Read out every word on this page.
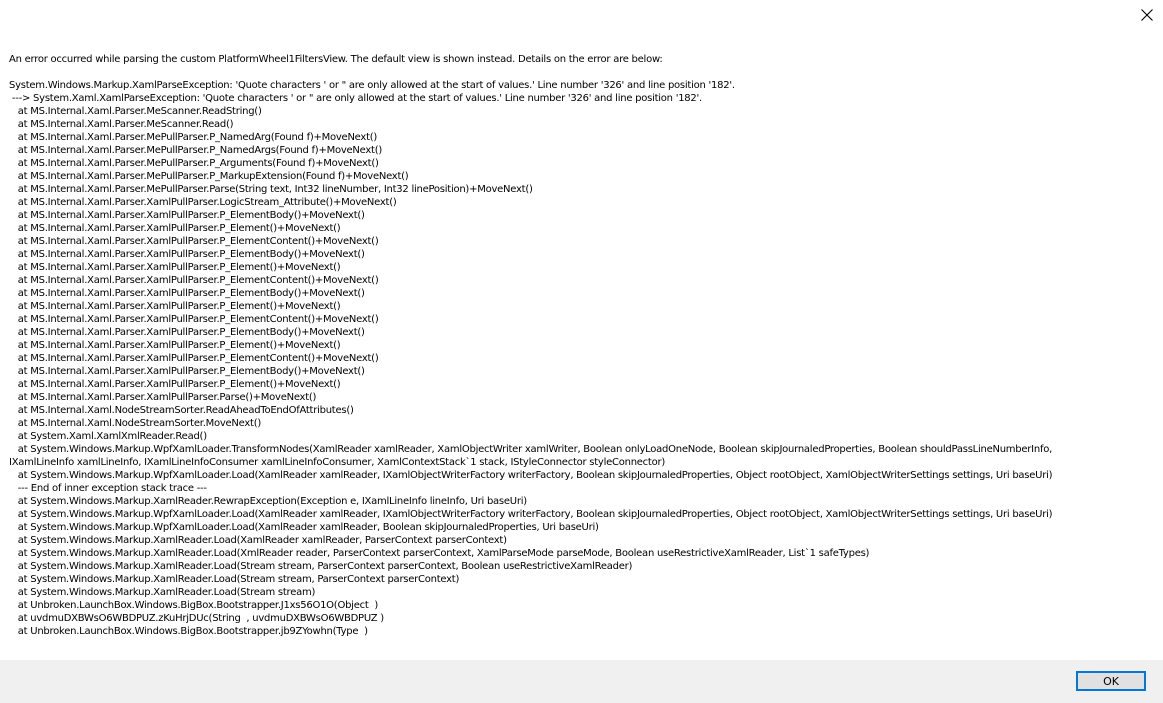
An error occurred while parsing the custom PlatformWheel1FiltersView. The default view is shown instead. Details on the error are below:
System.Windows.Markup.XamlParseException: 'Quote characters ' or " are only allowed at the start of values.' Line number '326' and line position '182'.
---> System.Xaml.XamlParseException: 'Quote characters ' or " are only allowed at the start of values.' Line number '326' and line position '182'.
at MS.Internal.Xaml.Parser.MeScanner.ReadString()
at MS.Internal.Xaml.Parser.MeScanner.Read()
at MS.Internal.Xaml.Parser.MePullParser.P_NamedArg(Found f)+MoveNext()
at MS.Internal.Xaml.Parser.MePullParser.P_NamedArgs(Found f)+MoveNext()
at MS.Internal.Xaml.Parser.MePullParser.P_Arguments(Found f)+MoveNext()
at MS.Internal.Xaml.Parser.MePullParser.P_MarkupExtension(Found f)+MoveNext()
at MS.Internal.Xaml.Parser.MePullParser.Parse(String text, Int32 lineNumber, Int32 linePosition)+MoveNext()
at MS.Internal.Xaml.Parser.XamlPullParser.LogicStream_Attribute()+MoveNext()
at MS.Internal.Xaml.Parser.XamlPullParser.P_ElementBody()+MoveNext()
at MS.Internal.Xaml.Parser.XamlPullParser.P_Element()+MoveNext()
at MS.Internal.Xaml.Parser.XamlPullParser.P_ElementContent()+MoveNext()
at MS.Internal.Xaml.Parser.XamlPullParser.P_ElementBody()+MoveNext()
at MS.Internal.Xaml.Parser.XamlPullParser.P_Element()+MoveNext()
at MS.Internal.Xaml.Parser.XamlPullParser.P_ElementContent()+MoveNext()
at MS.Internal.Xaml.Parser.XamlPullParser.P_ElementBody()+MoveNext()
at MS.Internal.Xaml.Parser.XamlPullParser.P_Element()+MoveNext()
at MS.Internal.Xaml.Parser.XamlPullParser.P_ElementContent()+MoveNext()
at MS.Internal.Xaml.Parser.XamlPullParser.P_ElementBody()+MoveNext()
at MS.Internal.Xaml.Parser.XamlPullParser.P_Element()+MoveNext()
at MS.Internal.Xaml.Parser.XamlPullParser.P_ElementContent()+MoveNext()
at MS.Internal.Xaml.Parser.XamlPullParser.P_ElementBody()+MoveNext()
at MS.Internal.Xaml.Parser.XamlPullParser.P_Element()+MoveNext()
at MS.Internal.Xaml.Parser.XamlPullParser.Parse()+MoveNext()
at MS.Internal.Xaml.NodeStreamSorter.ReadAheadToEndOfAttributes()
at MS.Internal.Xaml.NodeStreamSorter.MoveNext()
at System.Xaml.XamlXmlReader.Read()
at System.Windows.Markup.WpfXamlLoader.TransformNodes(XamlReader xamlReader, XamlObjectWriter xamlWriter, Boolean onlyLoadOneNode, Boolean skipJournaledProperties, Boolean shouldPassLineNumberInfo,
IXamlLineInfo xamlLineInfo, IXamlLineInfoConsumer xamlLineInfoConsumer, XamlContextStack`1 stack, IStyleConnector styleConnector)
at System.Windows.Markup.WpfXamlLoader.Load(XamlReader xamlReader, IXamlObjectWriterFactory writerFactory, Boolean skipJournaledProperties, Object rootObject, XamlObjectWriterSettings settings, Uri baseUri)
--- End of inner exception stack trace ---
at System.Windows.Markup.XamlReader.RewrapException(Exception e, IXamlLineInfo lineInfo, Uri baseUri)
at System.Windows.Markup.WpfXamlLoader.Load(XamlReader xamlReader, IXamlObjectWriterFactory writerFactory, Boolean skipJournaledProperties, Object rootObject, XamlObjectWriterSettings settings, Uri baseUri)
at System.Windows.Markup.WpfXamlLoader.Load(XamlReader xamlReader, Boolean skipJournaledProperties, Uri baseUri)
at System.Windows.Markup.XamlReader.Load(XamlReader xamlReader, ParserContext parserContext)
at System.Windows.Markup.XamlReader.Load(XmlReader reader, ParserContext parserContext, XamlParseMode parseMode, Boolean useRestrictiveXamlReader, List`1 safeTypes)
at System.Windows.Markup.XamlReader.Load(Stream stream, ParserContext parserContext, Boolean useRestrictiveXamlReader)
at System.Windows.Markup.XamlReader.Load(Stream stream, ParserContext parserContext)
at System.Windows.Markup.XamlReader.Load(Stream stream)
at Unbroken.LaunchBox.Windows.BigBox.Bootstrapper.J1xs56O1O(Object  )
at uvdmuDXBWsO6WBDPUZ.zKuHrjDUc(String  , uvdmuDXBWsO6WBDPUZ )
at Unbroken.LaunchBox.Windows.BigBox.Bootstrapper.jb9ZYowhn(Type  )
OK
